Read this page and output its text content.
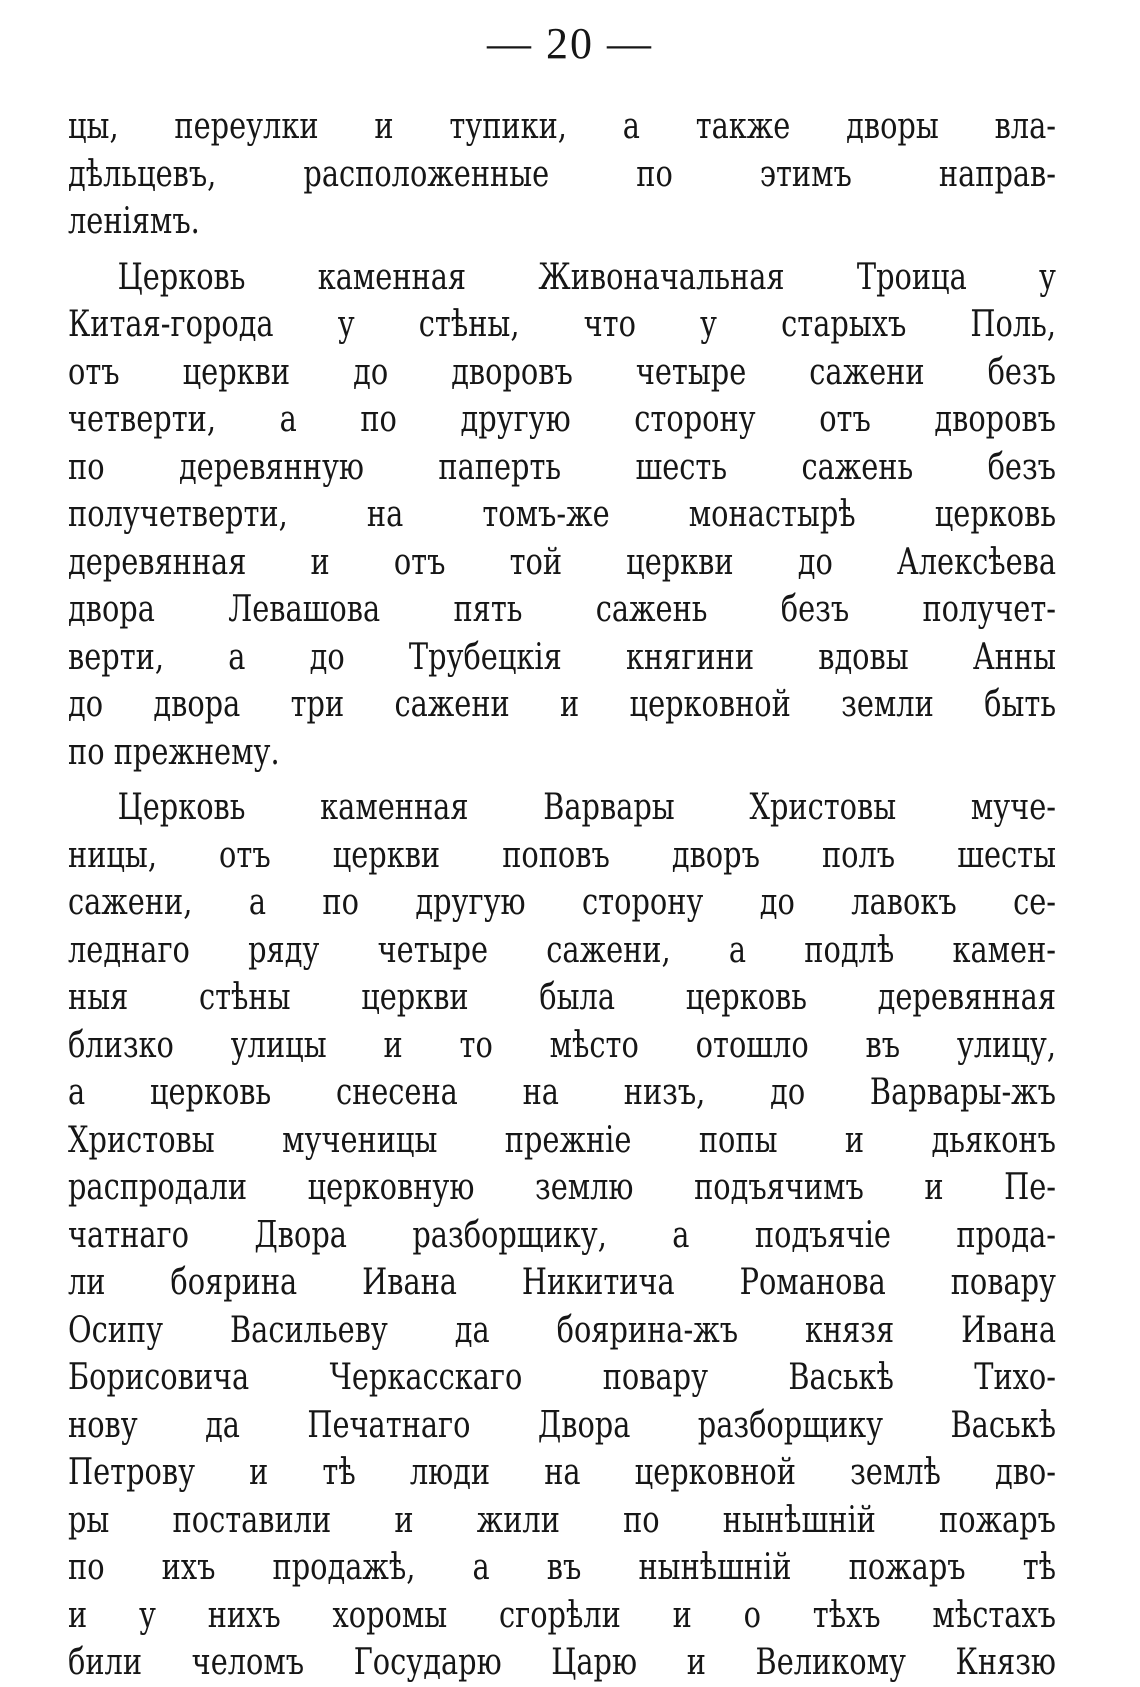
— 20 —
цы, переулки и тупики, а также дворы вла-
дѣльцевъ, расположенные по этимъ направ-
леніямъ.
Церковь каменная Живоначальная Троица у
Китая-города у стѣны, что у старыхъ Поль,
отъ церкви до дворовъ четыре сажени безъ
четверти, а по другую сторону отъ дворовъ
по деревянную паперть шесть сажень безъ
получетверти, на томъ-же монастырѣ церковь
деревянная и отъ той церкви до Алексѣева
двора Левашова пять сажень безъ получет-
верти, а до Трубецкія княгини вдовы Анны
до двора три сажени и церковной земли быть
по прежнему.
Церковь каменная Варвары Христовы муче-
ницы, отъ церкви поповъ дворъ полъ шесты
сажени, а по другую сторону до лавокъ се-
леднаго ряду четыре сажени, а подлѣ камен-
ныя стѣны церкви была церковь деревянная
близко улицы и то мѣсто отошло въ улицу,
а церковь снесена на низъ, до Варвары-жъ
Христовы мученицы прежніе попы и дьяконъ
распродали церковную землю подъячимъ и Пе-
чатнаго Двора разборщику, а подъячіе прода-
ли боярина Ивана Никитича Романова повару
Осипу Васильеву да боярина-жъ князя Ивана
Борисовича Черкасскаго повару Васькѣ Тихо-
нову да Печатнаго Двора разборщику Васькѣ
Петрову и тѣ люди на церковной землѣ дво-
ры поставили и жили по нынѣшній пожаръ
по ихъ продажѣ, а въ нынѣшній пожаръ тѣ
и у нихъ хоромы сгорѣли и о тѣхъ мѣстахъ
били челомъ Государю Царю и Великому Князю
